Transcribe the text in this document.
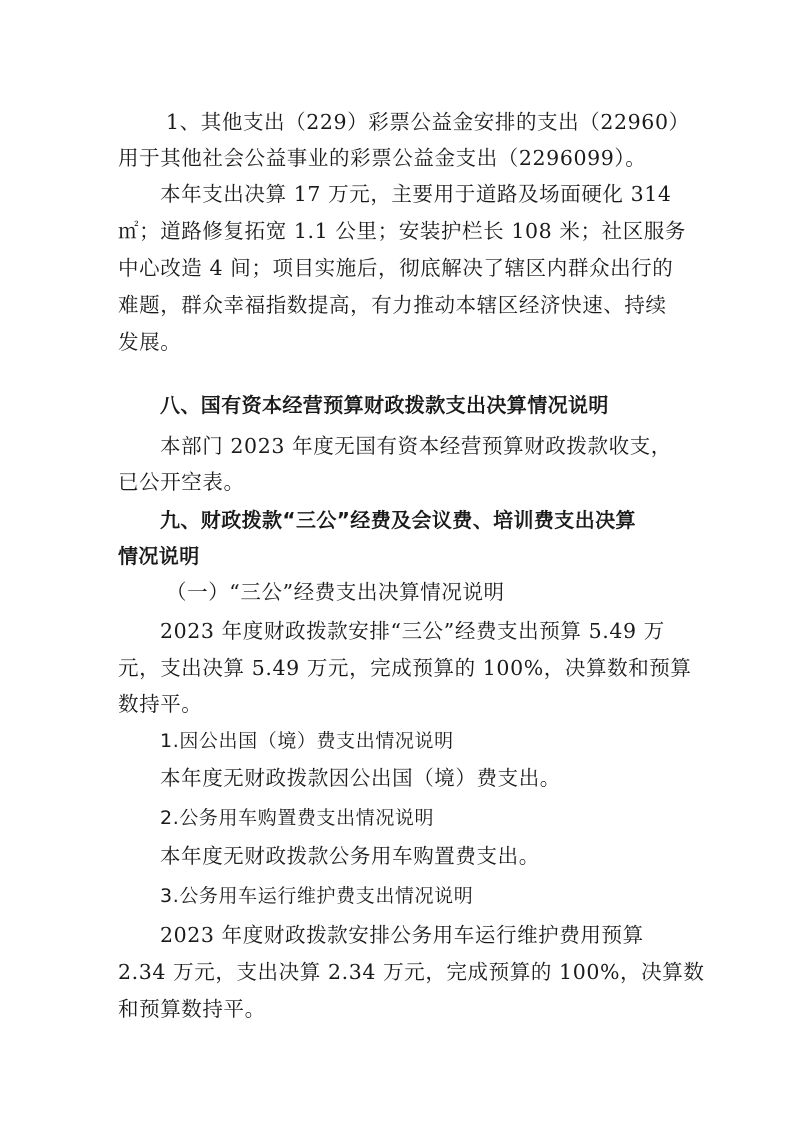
1、其他支出（229）彩票公益金安排的支出（22960）
用于其他社会公益事业的彩票公益金支出（2296099）。
本年支出决算 17 万元，主要用于道路及场面硬化 314
㎡；道路修复拓宽 1.1 公里；安装护栏长 108 米；社区服务
中心改造 4 间；项目实施后，彻底解决了辖区内群众出行的
难题，群众幸福指数提高，有力推动本辖区经济快速、持续
发展。
八、国有资本经营预算财政拨款支出决算情况说明
本部门 2023 年度无国有资本经营预算财政拨款收支，
已公开空表。
九、财政拨款“三公”经费及会议费、培训费支出决算
情况说明
（一）“三公”经费支出决算情况说明
2023 年度财政拨款安排“三公”经费支出预算 5.49 万
元，支出决算 5.49 万元，完成预算的 100%，决算数和预算
数持平。
1.因公出国（境）费支出情况说明
本年度无财政拨款因公出国（境）费支出。
2.公务用车购置费支出情况说明
本年度无财政拨款公务用车购置费支出。
3.公务用车运行维护费支出情况说明
2023 年度财政拨款安排公务用车运行维护费用预算
2.34 万元，支出决算 2.34 万元，完成预算的 100%，决算数
和预算数持平。
